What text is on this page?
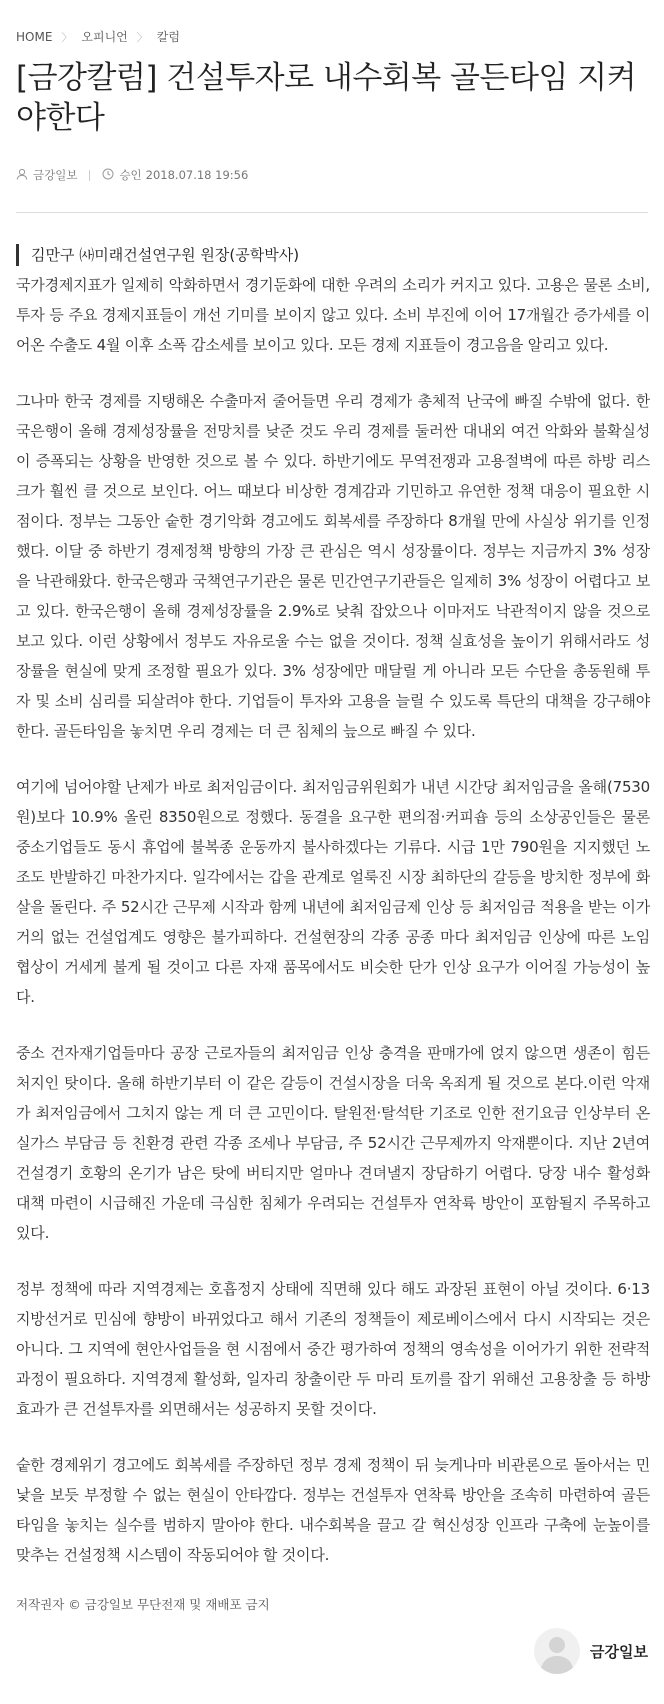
HOME 〉 오피니언 〉 칼럼
[금강칼럼] 건설투자로 내수회복 골든타임 지켜야한다
금강일보	승인 2018.07.18 19:56
김만구 ㈔미래건설연구원 원장(공학박사)

국가경제지표가 일제히 악화하면서 경기둔화에 대한 우려의 소리가 커지고 있다. 고용은 물론 소비, 투자 등 주요 경제지표들이 개선 기미를 보이지 않고 있다. 소비 부진에 이어 17개월간 증가세를 이어온 수출도 4월 이후 소폭 감소세를 보이고 있다. 모든 경제 지표들이 경고음을 알리고 있다.

그나마 한국 경제를 지탱해온 수출마저 줄어들면 우리 경제가 총체적 난국에 빠질 수밖에 없다. 한국은행이 올해 경제성장률을 전망치를 낮준 것도 우리 경제를 둘러싼 대내외 여건 악화와 불확실성이 증폭되는 상황을 반영한 것으로 볼 수 있다. 하반기에도 무역전쟁과 고용절벽에 따른 하방 리스크가 훨씬 클 것으로 보인다. 어느 때보다 비상한 경계감과 기민하고 유연한 정책 대응이 필요한 시점이다. 정부는 그동안 숱한 경기악화 경고에도 회복세를 주장하다 8개월 만에 사실상 위기를 인정했다. 이달 중 하반기 경제정책 방향의 가장 큰 관심은 역시 성장률이다. 정부는 지금까지 3% 성장을 낙관해왔다. 한국은행과 국책연구기관은 물론 민간연구기관들은 일제히 3% 성장이 어렵다고 보고 있다. 한국은행이 올해 경제성장률을 2.9%로 낮춰 잡았으나 이마저도 낙관적이지 않을 것으로 보고 있다. 이런 상황에서 정부도 자유로울 수는 없을 것이다. 정책 실효성을 높이기 위해서라도 성장률을 현실에 맞게 조정할 필요가 있다. 3% 성장에만 매달릴 게 아니라 모든 수단을 총동원해 투자 및 소비 심리를 되살려야 한다. 기업들이 투자와 고용을 늘릴 수 있도록 특단의 대책을 강구해야 한다. 골든타임을 놓치면 우리 경제는 더 큰 침체의 늪으로 빠질 수 있다.

여기에 넘어야할 난제가 바로 최저임금이다. 최저임금위원회가 내년 시간당 최저임금을 올해(7530원)보다 10.9% 올린 8350원으로 정했다. 동결을 요구한 편의점·커피숍 등의 소상공인들은 물론 중소기업들도 동시 휴업에 불복종 운동까지 불사하겠다는 기류다. 시급 1만 790원을 지지했던 노조도 반발하긴 마찬가지다. 일각에서는 갑을 관계로 얼룩진 시장 최하단의 갈등을 방치한 정부에 화살을 돌린다. 주 52시간 근무제 시작과 함께 내년에 최저임금제 인상 등 최저임금 적용을 받는 이가 거의 없는 건설업계도 영향은 불가피하다. 건설현장의 각종 공종 마다 최저임금 인상에 따른 노임 협상이 거세게 불게 될 것이고 다른 자재 품목에서도 비슷한 단가 인상 요구가 이어질 가능성이 높다.

중소 건자재기업들마다 공장 근로자들의 최저임금 인상 충격을 판매가에 얹지 않으면 생존이 힘든 처지인 탓이다. 올해 하반기부터 이 같은 갈등이 건설시장을 더욱 옥죄게 될 것으로 본다.이런 악재가 최저임금에서 그치지 않는 게 더 큰 고민이다. 탈원전·탈석탄 기조로 인한 전기요금 인상부터 온실가스 부담금 등 친환경 관련 각종 조세나 부담금, 주 52시간 근무제까지 악재뿐이다. 지난 2년여 건설경기 호황의 온기가 남은 탓에 버티지만 얼마나 견뎌낼지 장담하기 어렵다. 당장 내수 활성화 대책 마련이 시급해진 가운데 극심한 침체가 우려되는 건설투자 연착륙 방안이 포함될지 주목하고 있다.

정부 정책에 따라 지역경제는 호흡정지 상태에 직면해 있다 해도 과장된 표현이 아닐 것이다. 6·13 지방선거로 민심에 향방이 바뀌었다고 해서 기존의 정책들이 제로베이스에서 다시 시작되는 것은 아니다. 그 지역에 현안사업들을 현 시점에서 중간 평가하여 정책의 영속성을 이어가기 위한 전략적 과정이 필요하다. 지역경제 활성화, 일자리 창출이란 두 마리 토끼를 잡기 위해선 고용창출 등 하방효과가 큰 건설투자를 외면해서는 성공하지 못할 것이다.

숱한 경제위기 경고에도 회복세를 주장하던 정부 경제 정책이 뒤 늦게나마 비관론으로 돌아서는 민낯을 보듯 부정할 수 없는 현실이 안타깝다. 정부는 건설투자 연착륙 방안을 조속히 마련하여 골든타임을 놓치는 실수를 범하지 말아야 한다. 내수회복을 끌고 갈 혁신성장 인프라 구축에 눈높이를 맞추는 건설정책 시스템이 작동되어야 할 것이다.

저작권자 © 금강일보 무단전재 및 재배포 금지
금강일보
